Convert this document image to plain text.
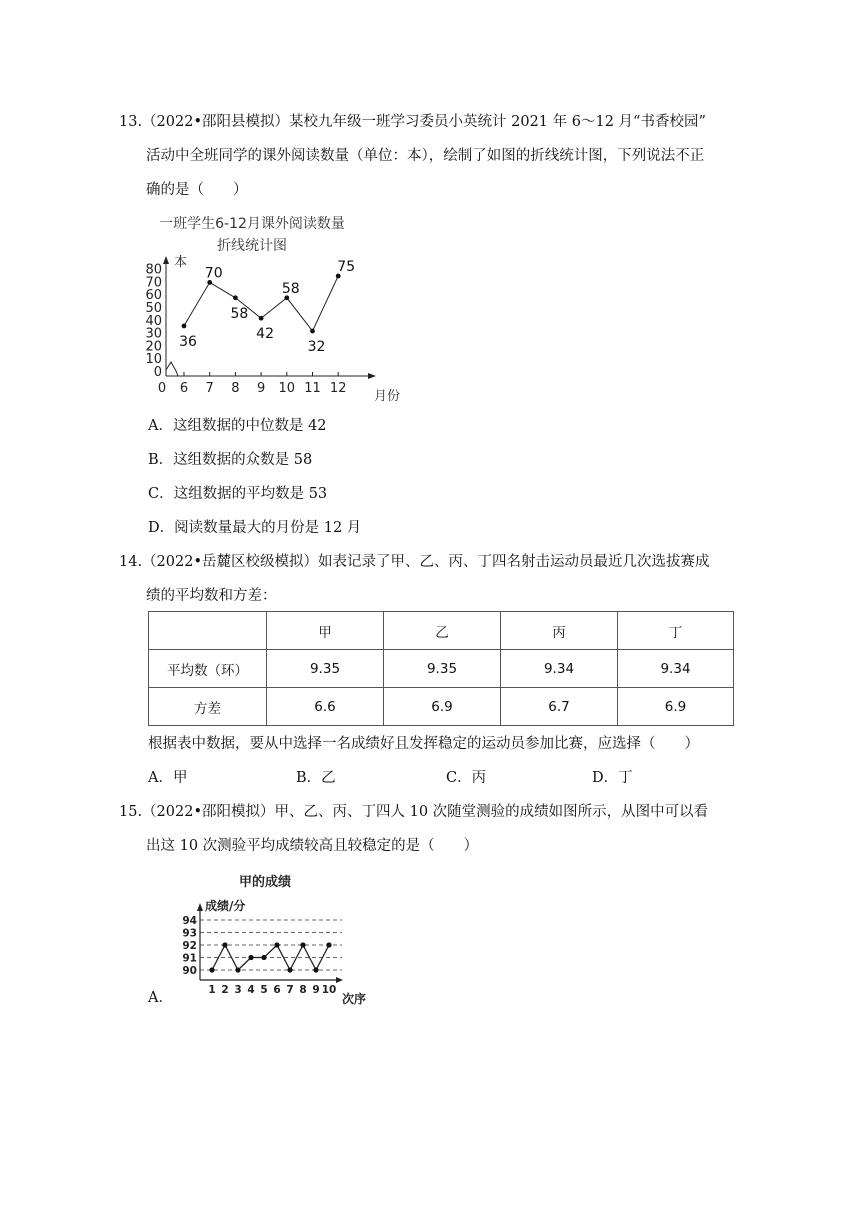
13.（2022•邵阳县模拟）某校九年级一班学习委员小英统计 2021 年 6～12 月“书香校园”
活动中全班同学的课外阅读数量（单位：本），绘制了如图的折线统计图，下列说法不正
确的是（　　）
一班学生6-12月课外阅读数量
折线统计图
0
10
20
30
40
50
60
70
80
0 6 7 8 9 10 11 12
36
70
58
42
58
32
75
本
月份
A．这组数据的中位数是 42
B．这组数据的众数是 58
C．这组数据的平均数是 53
D．阅读数量最大的月份是 12 月
14.（2022•岳麓区校级模拟）如表记录了甲、乙、丙、丁四名射击运动员最近几次选拔赛成
绩的平均数和方差：
	甲	乙	丙	丁
平均数（环）	9.35	9.35	9.34	9.34
方差	6.6	6.9	6.7	6.9
根据表中数据，要从中选择一名成绩好且发挥稳定的运动员参加比赛，应选择（　　）
A．甲	B．乙	C．丙	D．丁
15.（2022•邵阳模拟）甲、乙、丙、丁四人 10 次随堂测验的成绩如图所示，从图中可以看
出这 10 次测验平均成绩较高且较稳定的是（　　）
A．
甲的成绩
90
91
92
93
94
1 2 3 4 5 6 7 8 9 10
成绩/分
次序
